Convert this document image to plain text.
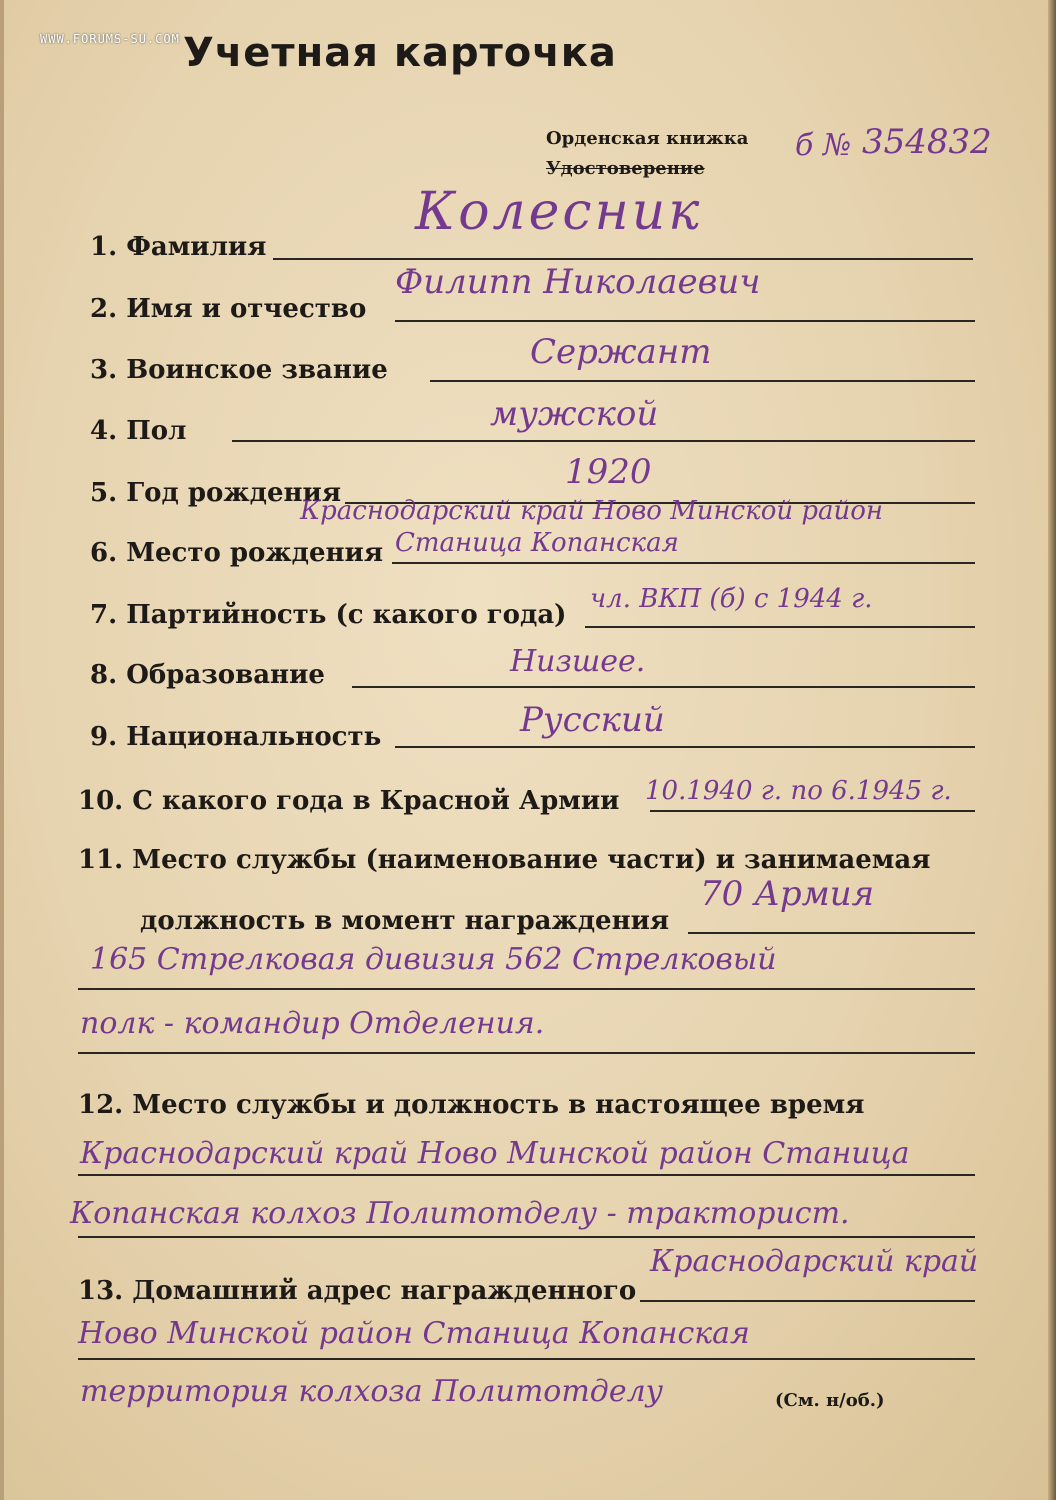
WWW.FORUMS-SU.COM Учетная карточка
Орденская книжка
Удостоверение
б № 354832
1. Фамилия
Колесник
2. Имя и отчество
Филипп Николаевич
3. Воинское звание	Сержант
4. Пол	мужской
5. Год рождения
1920
6. Место рождения
Краснодарский край Ново Минской район
Станица Копанская
7. Партийность (с какого года)
чл. ВКП (б) с 1944 г.
8. Образование	Низшее.
9. Национальность	Русский
10. С какого года в Красной Армии 10.1940 г. по 6.1945 г.
11. Место службы (наименование части) и занимаемая
должность в момент награждения
70 Армия
165 Стрелковая дивизия 562 Стрелковый
полк - командир Отделения.
12. Место службы и должность в настоящее время
Краснодарский край Ново Минской район Станица
Копанская колхоз Политотделу - тракторист.
13. Домашний адрес награжденного
Краснодарский край
Ново Минской район Станица Копанская
территория колхоза Политотделу	(См. н/об.)
